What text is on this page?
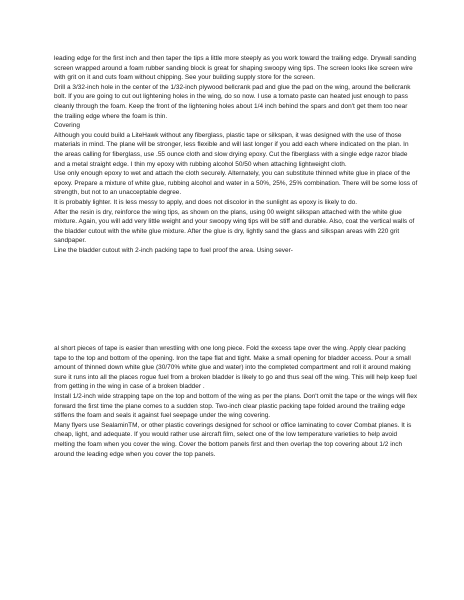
leading edge for the first inch and then taper the tips a little more steeply as you work toward the trailing edge. Drywall sanding screen wrapped around a foam rubber sanding block is great for shaping swoopy wing tips. The screen looks like screen wire with grit on it and cuts foam without chipping. See your building supply store for the screen.

Drill a 3/32-inch hole in the center of the 1/32-inch plywood bellcrank pad and glue the pad on the wing, around the bellcrank bolt. If you are going to cut out lightening holes in the wing, do so now. I use a tomato paste can heated just enough to pass cleanly through the foam. Keep the front of the lightening holes about 1/4 inch behind the spars and don't get them too near the trailing edge where the foam is thin.

Covering

Although you could build a LiteHawk without any fiberglass, plastic tape or silkspan, it was designed with the use of those materials in mind. The plane will be stronger, less flexible and will last longer if you add each where indicated on the plan. In the areas calling for fiberglass, use .55 ounce cloth and slow drying epoxy. Cut the fiberglass with a single edge razor blade and a metal straight edge. I thin my epoxy with rubbing alcohol 50/50 when attaching lightweight cloth.

Use only enough epoxy to wet and attach the cloth securely. Alternately, you can substitute thinned white glue in place of the epoxy. Prepare a mixture of white glue, rubbing alcohol and water in a 50%, 25%, 25% combination. There will be some loss of strength, but not to an unacceptable degree.

It is probably lighter. It is less messy to apply, and does not discolor in the sunlight as epoxy is likely to do.

After the resin is dry, reinforce the wing tips, as shown on the plans, using 00 weight silkspan attached with the white glue mixture. Again, you will add very little weight and your swoopy wing tips will be stiff and durable. Also, coat the vertical walls of the bladder cutout with the white glue mixture. After the glue is dry, lightly sand the glass and silkspan areas with 220 grit sandpaper.

Line the bladder cutout with 2-inch packing tape to fuel proof the area. Using sever-

al short pieces of tape is easier than wrestling with one long piece. Fold the excess tape over the wing. Apply clear packing tape to the top and bottom of the opening. Iron the tape flat and tight. Make a small opening for bladder access. Pour a small amount of thinned down white glue (30/70% white glue and water) into the completed compartment and roll it around making sure it runs into all the places rogue fuel from a broken bladder is likely to go and thus seal off the wing. This will help keep fuel from getting in the wing in case of a broken bladder .

Install 1/2-inch wide strapping tape on the top and bottom of the wing as per the plans. Don't omit the tape or the wings will flex forward the first time the plane comes to a sudden stop. Two-inch clear plastic packing tape folded around the trailing edge stiffens the foam and seals it against fuel seepage under the wing covering.

Many flyers use SealaminTM, or other plastic coverings designed for school or office laminating to cover Combat planes. It is cheap, light, and adequate. If you would rather use aircraft film, select one of the low temperature varieties to help avoid melting the foam when you cover the wing. Cover the bottom panels first and then overlap the top covering about 1/2 inch around the leading edge when you cover the top panels.
